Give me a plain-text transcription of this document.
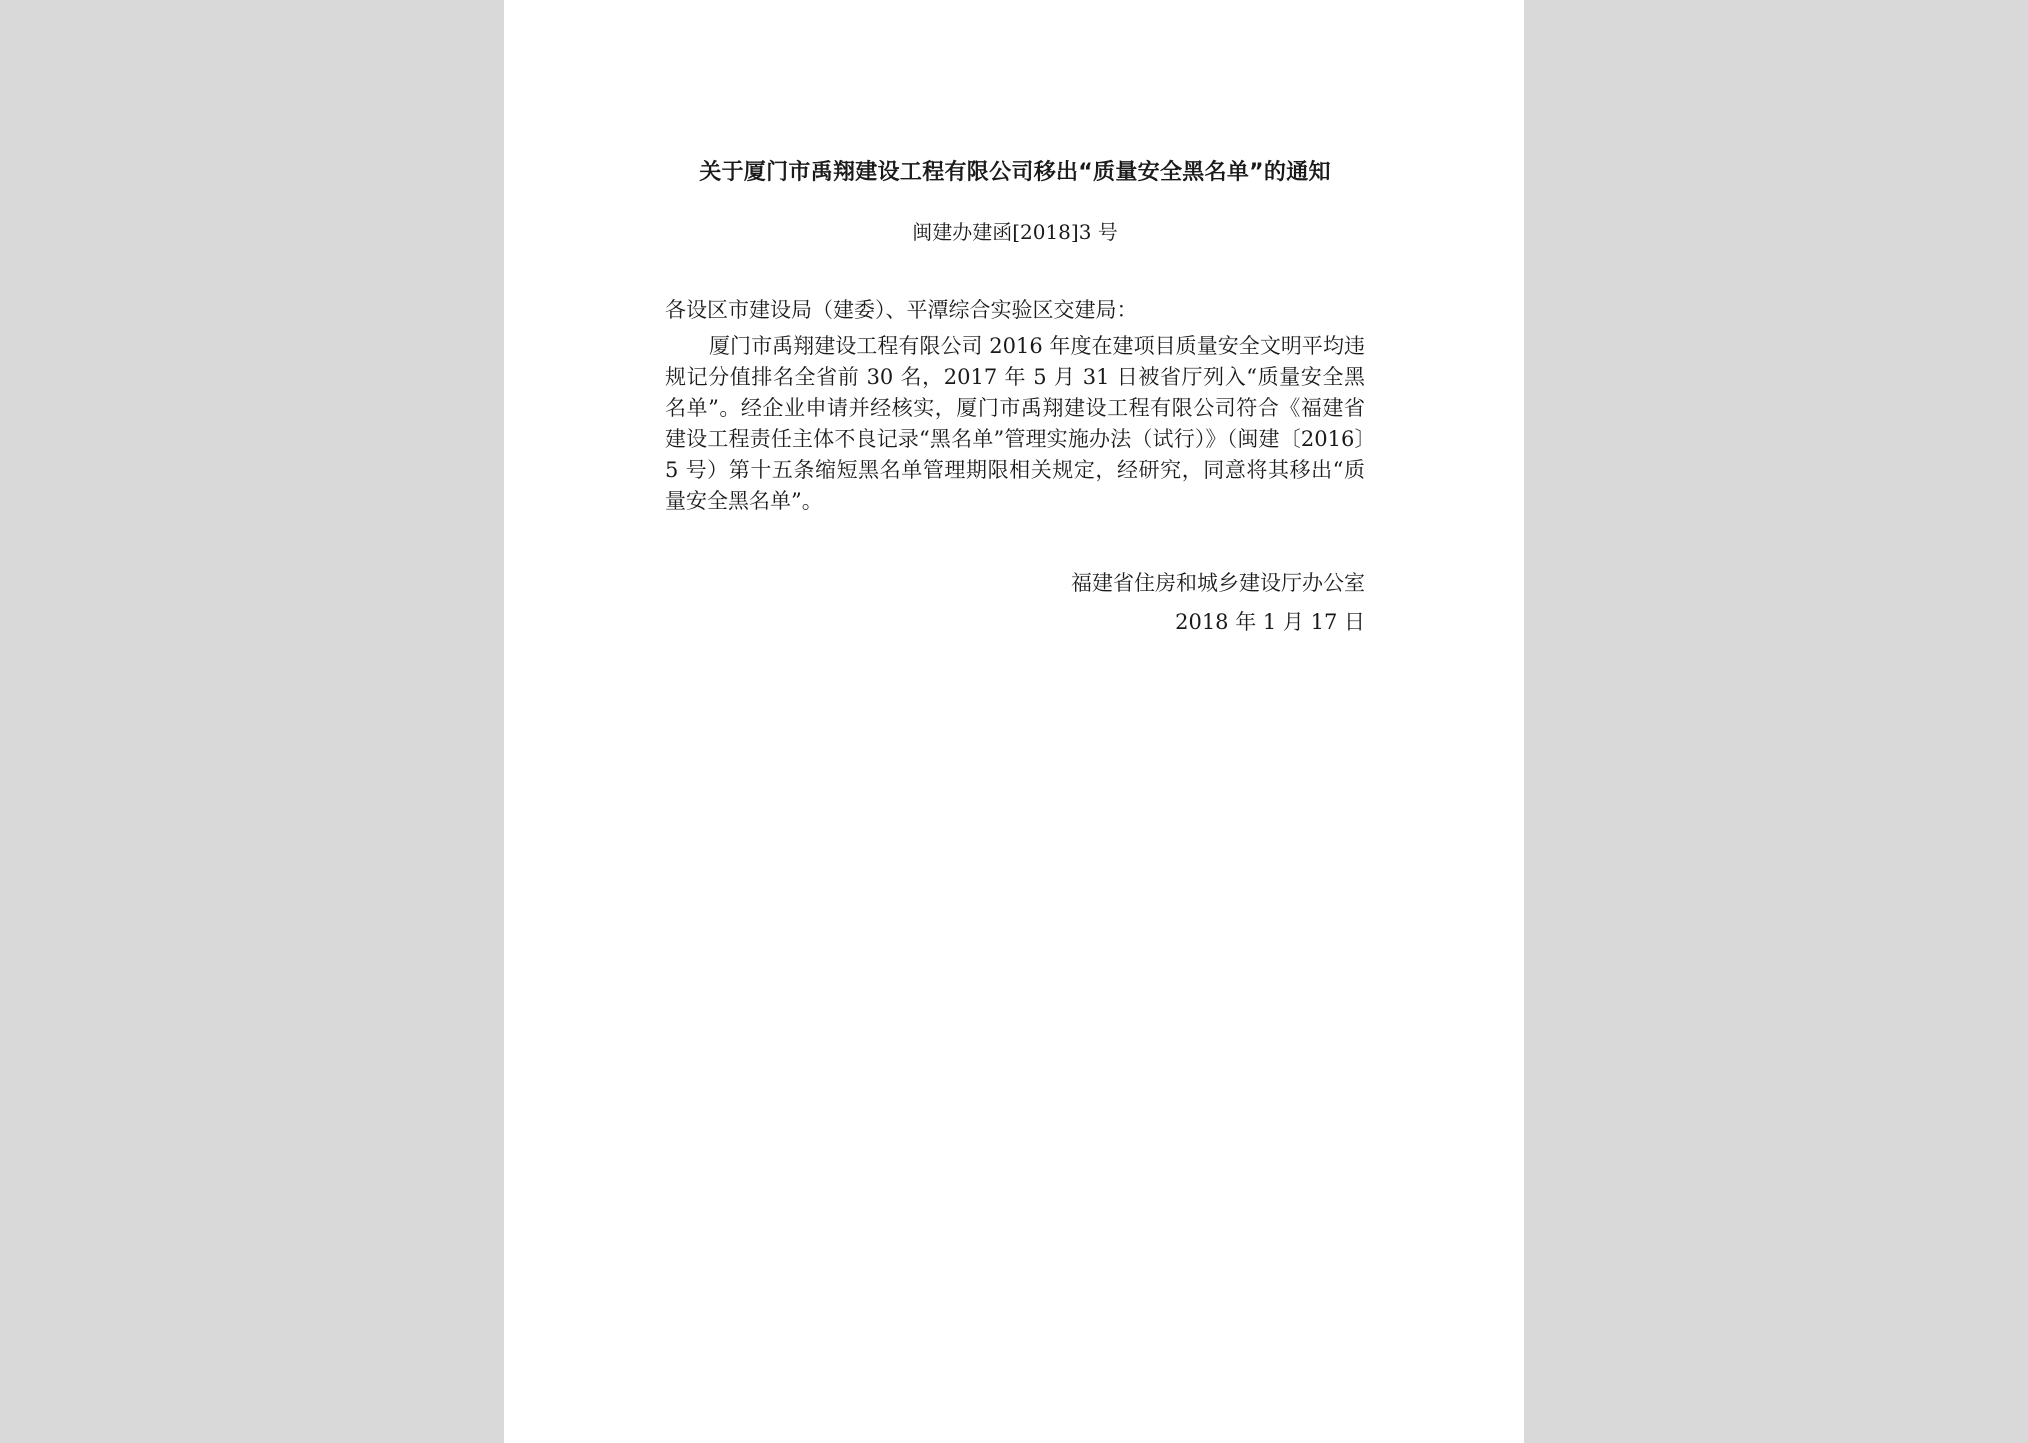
关于厦门市禹翔建设工程有限公司移出“质量安全黑名单”的通知
闽建办建函[2018]3 号
各设区市建设局（建委）、平潭综合实验区交建局：
厦门市禹翔建设工程有限公司 2016 年度在建项目质量安全文明平均违规记分值排名全省前 30 名，2017 年 5 月 31 日被省厅列入“质量安全黑名单”。经企业申请并经核实，厦门市禹翔建设工程有限公司符合《福建省建设工程责任主体不良记录“黑名单”管理实施办法（试行）》（闽建〔2016〕5 号）第十五条缩短黑名单管理期限相关规定，经研究，同意将其移出“质量安全黑名单”。
福建省住房和城乡建设厅办公室
2018 年 1 月 17 日
